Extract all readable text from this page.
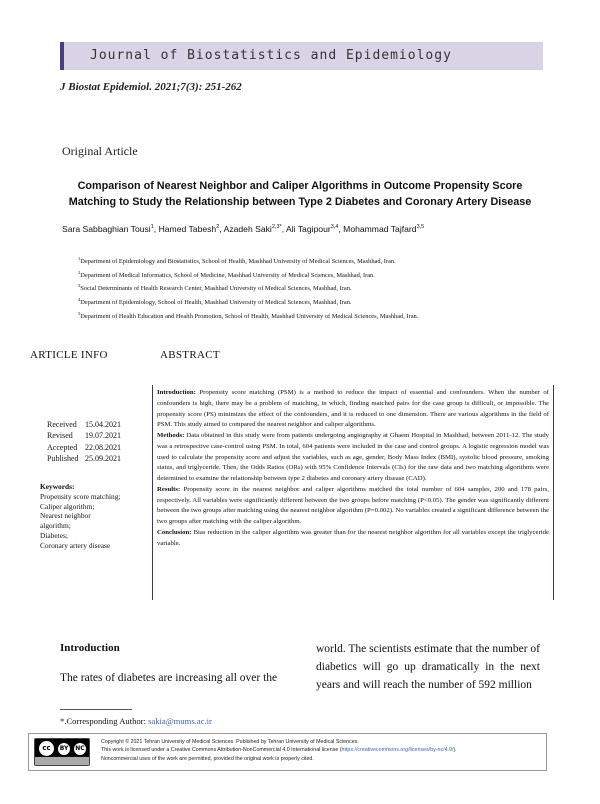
Journal of Biostatistics and Epidemiology
J Biostat Epidemiol. 2021;7(3): 251-262
Original Article
Comparison of Nearest Neighbor and Caliper Algorithms in Outcome Propensity Score
Matching to Study the Relationship between Type 2 Diabetes and Coronary Artery Disease
Sara Sabbaghian Tousi$^1$, Hamed Tabesh$^2$, Azadeh Saki$^{2,3*}$, Ali Tagipour$^{3,4}$, Mohammad Tajfard$^{3,5}$
$^1$Department of Epidemiology and Biostatistics, School of Health, Mashhad University of Medical Sciences, Mashhad, Iran.
$^2$Department of Medical Informatics, School of Medicine, Mashhad University of Medical Sciences, Mashhad, Iran.
$^3$Social Determinants of Health Research Center, Mashhad University of Medical Sciences, Mashhad, Iran.
$^4$Department of Epidemiology, School of Health, Mashhad University of Medical Sciences, Mashhad, Iran.
$^5$Department of Health Education and Health Promotion, School of Health, Mashhad University of Medical Sciences, Mashhad, Iran.
ARTICLE INFO	ABSTRACT
Received	15.04.2021
Revised	19.07.2021
Accepted 22.08.2021
Published 25.09.2021
Keywords:
Propensity score matching;
Caliper algorithm;
Nearest neighbor
algorithm;
Diabetes;
Coronary artery disease

Introduction: Propensity score matching (PSM) is a method to reduce the impact of essential and confounders. When the number of confounders is high, there may be a problem of matching, in which, finding matched pairs for the case group is difficult, or impossible. The propensity score (PS) minimizes the effect of the confounders, and it is reduced to one dimension. There are various algorithms in the field of PSM. This study aimed to compared the nearest neighbor and caliper algorithms.

Methods: Data obtained in this study were from patients undergoing angiography at Ghaem Hospital in Mashhad, between 2011-12. The study was a retrospective case-control using PSM. In total, 604 patients were included in the case and control groups. A logistic regression model was used to calculate the propensity score and adjust the variables, such as age, gender, Body Mass Index (BMI), systolic blood pressure, smoking status, and triglyceride. Then, the Odds Ratios (ORs) with 95% Confidence Intervals (CIs) for the raw data and two matching algorithms were determined to examine the relationship between type 2 diabetes and coronary artery disease (CAD).

Results: Propensity score in the nearest neighbor and caliper algorithms matched the total number of 604 samples, 200 and 178 pairs, respectively. All variables were significantly different between the two groups before matching (P<0.05). The gender was significantly different between the two groups after matching using the nearest neighbor algorithm (P=0.002). No variables created a significant difference between the two groups after matching with the caliper algorithm.

Conclusion: Bias reduction in the caliper algorithm was greater than for the nearest neighbor algorithm for all variables except the triglyceride variable.

Introduction
The rates of diabetes are increasing all over the
world. The scientists estimate that the number of diabetics will go up dramatically in the next years and will reach the number of 592 million
*.Corresponding Author: sakia@mums.ac.ir
cc	BY	NC
Copyright © 2021 Tehran University of Medical Sciences. Published by Tehran University of Medical Sciences.
This work is licensed under a Creative Commons Attribution-NonCommercial 4.0 International license (https://creativecommons.org/licenses/by-nc/4.0/).
Noncommercial uses of the work are permitted, provided the original work is properly cited.
